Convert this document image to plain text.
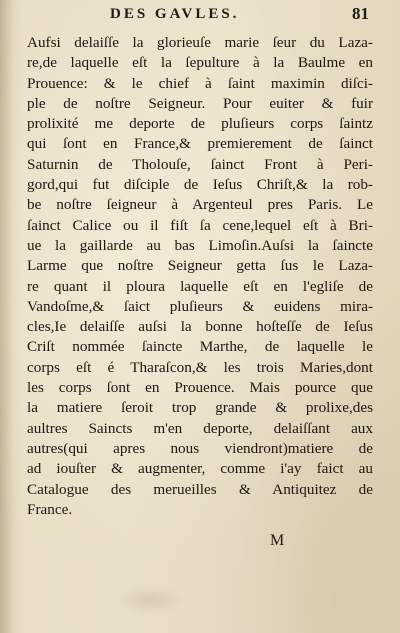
DES GAVLES.	81
Aufsi delaiſſe la glorieuſe marie ſeur du Laza-
re,de laquelle eſt la ſepulture à la Baulme en
Prouence: & le chief à ſaint maximin diſci-
ple de noſtre Seigneur. Pour euiter & fuir
prolixité me deporte de pluſieurs corps ſaintz
qui ſont en France,& premierement de ſainct
Saturnin de Tholouſe, ſainct Front à Peri-
gord,qui fut diſciple de Ieſus Chriſt,& la rob-
be noſtre ſeigneur à Argenteul pres Paris. Le
ſainct Calice ou il fiſt ſa cene,lequel eſt à Bri-
ue la gaillarde au bas Limoſin.Auſsi la ſaincte
Larme que noſtre Seigneur getta ſus le Laza-
re quant il ploura laquelle eſt en l'egliſe de
Vandoſme,& ſaict pluſieurs & euidens mira-
cles,Ie delaiſſe auſsi la bonne hoſteſſe de Ieſus
Criſt nommée ſaincte Marthe, de laquelle le
corps eſt é Tharaſcon,& les trois Maries,dont
les corps ſont en Prouence. Mais pource que
la matiere ſeroit trop grande & prolixe,des
aultres Saincts m'en deporte, delaiſſant aux
autres(qui apres nous viendront)matiere de
ad iouſter & augmenter, comme i'ay faict au
Catalogue des merueilles & Antiquitez de
France.
M
